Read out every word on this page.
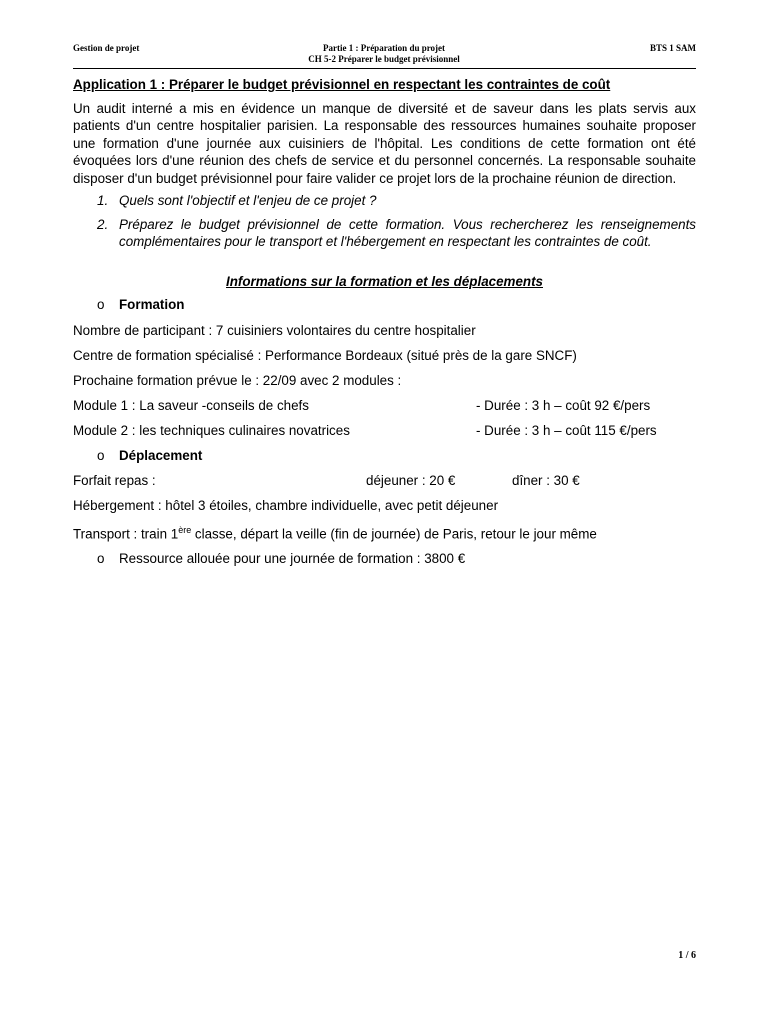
Gestion de projet	Partie 1 : Préparation du projet
CH 5-2 Préparer le budget prévisionnel
BTS 1 SAM

Application 1 : Préparer le budget prévisionnel en respectant les contraintes de coût

Un audit interné a mis en évidence un manque de diversité et de saveur dans les plats servis aux patients d'un centre hospitalier parisien. La responsable des ressources humaines souhaite proposer une formation d'une journée aux cuisiniers de l'hôpital. Les conditions de cette formation ont été évoquées lors d'une réunion des chefs de service et du personnel concernés. La responsable souhaite disposer d'un budget prévisionnel pour faire valider ce projet lors de la prochaine réunion de direction.

1. Quels sont l'objectif et l'enjeu de ce projet ?
2. Préparez le budget prévisionnel de cette formation. Vous rechercherez les renseignements complémentaires pour le transport et l'hébergement en respectant les contraintes de coût.

Informations sur la formation et les déplacements

o Formation

Nombre de participant : 7 cuisiniers volontaires du centre hospitalier

Centre de formation spécialisé : Performance Bordeaux (situé près de la gare SNCF)

Prochaine formation prévue le : 22/09 avec 2 modules :

Module 1 : La saveur -conseils de chefs	- Durée : 3 h – coût 92 €/pers

Module 2 : les techniques culinaires novatrices	- Durée : 3 h – coût 115 €/pers

o Déplacement

Forfait repas :	déjeuner : 20 €	dîner : 30 €

Hébergement : hôtel 3 étoiles, chambre individuelle, avec petit déjeuner

Transport : train 1ère classe, départ la veille (fin de journée) de Paris, retour le jour même

o Ressource allouée pour une journée de formation : 3800 €

1 / 6
